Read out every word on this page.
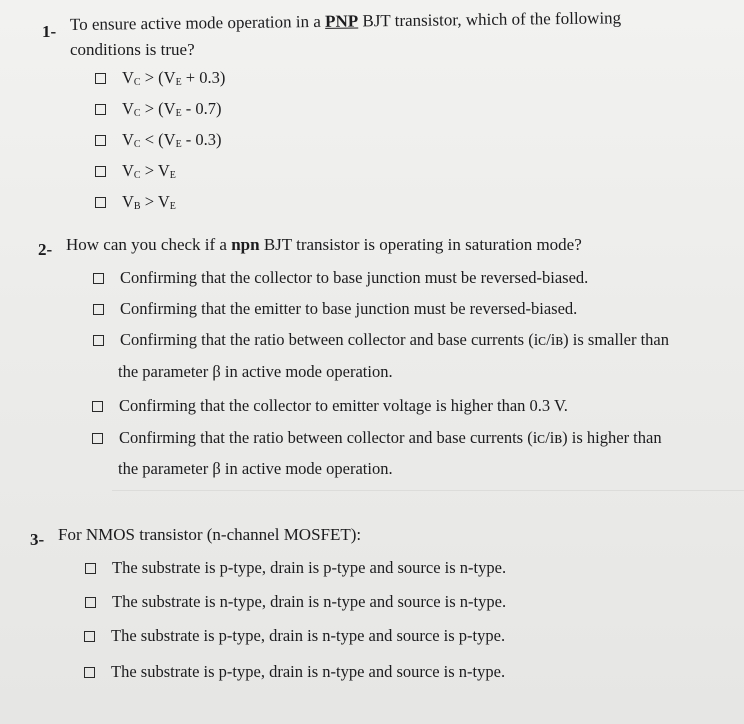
1- To ensure active mode operation in a PNP BJT transistor, which of the following
conditions is true?
$V_C > (V_E + 0.3)$
$V_C > (V_E - 0.7)$
$V_C < (V_E - 0.3)$
$V_C > V_E$
$V_B > V_E$
2- How can you check if a npn BJT transistor is operating in saturation mode?
Confirming that the collector to base junction must be reversed-biased.
Confirming that the emitter to base junction must be reversed-biased.
Confirming that the ratio between collector and base currents (iᴄ/iʙ) is smaller than
the parameter β in active mode operation.
Confirming that the collector to emitter voltage is higher than 0.3 V.
Confirming that the ratio between collector and base currents (iᴄ/iʙ) is higher than
the parameter β in active mode operation.
3- For NMOS transistor (n-channel MOSFET):
The substrate is p-type, drain is p-type and source is n-type.
The substrate is n-type, drain is n-type and source is n-type.
The substrate is p-type, drain is n-type and source is p-type.
The substrate is p-type, drain is n-type and source is n-type.
